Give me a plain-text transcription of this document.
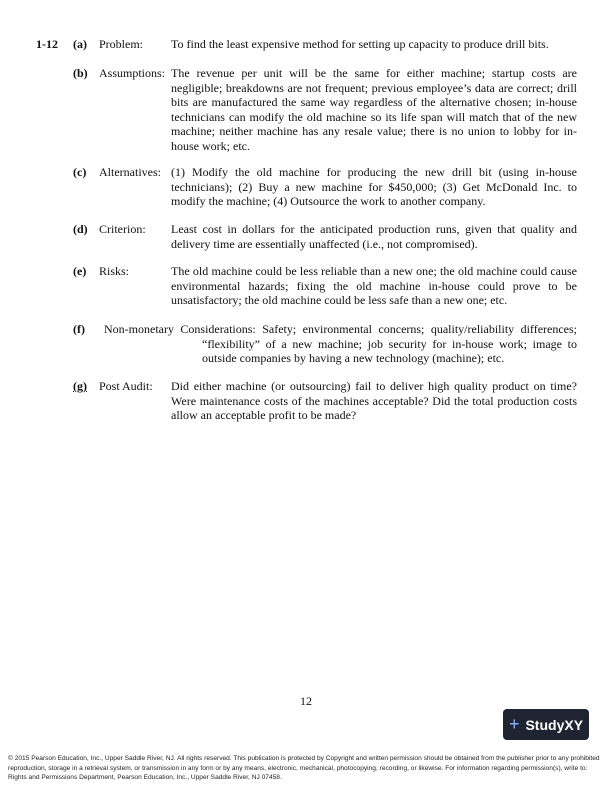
1-12 (a) Problem: To find the least expensive method for setting up capacity to produce drill bits.
(b) Assumptions: The revenue per unit will be the same for either machine; startup costs are negligible; breakdowns are not frequent; previous employee’s data are correct; drill bits are manufactured the same way regardless of the alternative chosen; in-house technicians can modify the old machine so its life span will match that of the new machine; neither machine has any resale value; there is no union to lobby for in-house work; etc.
(c) Alternatives: (1) Modify the old machine for producing the new drill bit (using in-house technicians); (2) Buy a new machine for $450,000; (3) Get McDonald Inc. to modify the machine; (4) Outsource the work to another company.
(d) Criterion: Least cost in dollars for the anticipated production runs, given that quality and delivery time are essentially unaffected (i.e., not compromised).
(e) Risks:	The old machine could be less reliable than a new one; the old machine could cause environmental hazards; fixing the old machine in-house could prove to be unsatisfactory; the old machine could be less safe than a new one; etc.
(f) Non-monetary Considerations: Safety; environmental concerns; quality/reliability differences; “flexibility” of a new machine; job security for in-house work; image to outside companies by having a new technology (machine); etc.
(g) Post Audit: Did either machine (or outsourcing) fail to deliver high quality product on time? Were maintenance costs of the machines acceptable? Did the total production costs allow an acceptable profit to be made?
12
+ StudyXY
© 2015 Pearson Education, Inc., Upper Saddle River, NJ. All rights reserved. This publication is protected by Copyright and written permission should be obtained from the publisher prior to any prohibited reproduction, storage in a retrieval system, or transmission in any form or by any means, electronic, mechanical, photocopying, recording, or likewise. For information regarding permission(s), write to: Rights and Permissions Department, Pearson Education, Inc., Upper Saddle River, NJ 07458.
